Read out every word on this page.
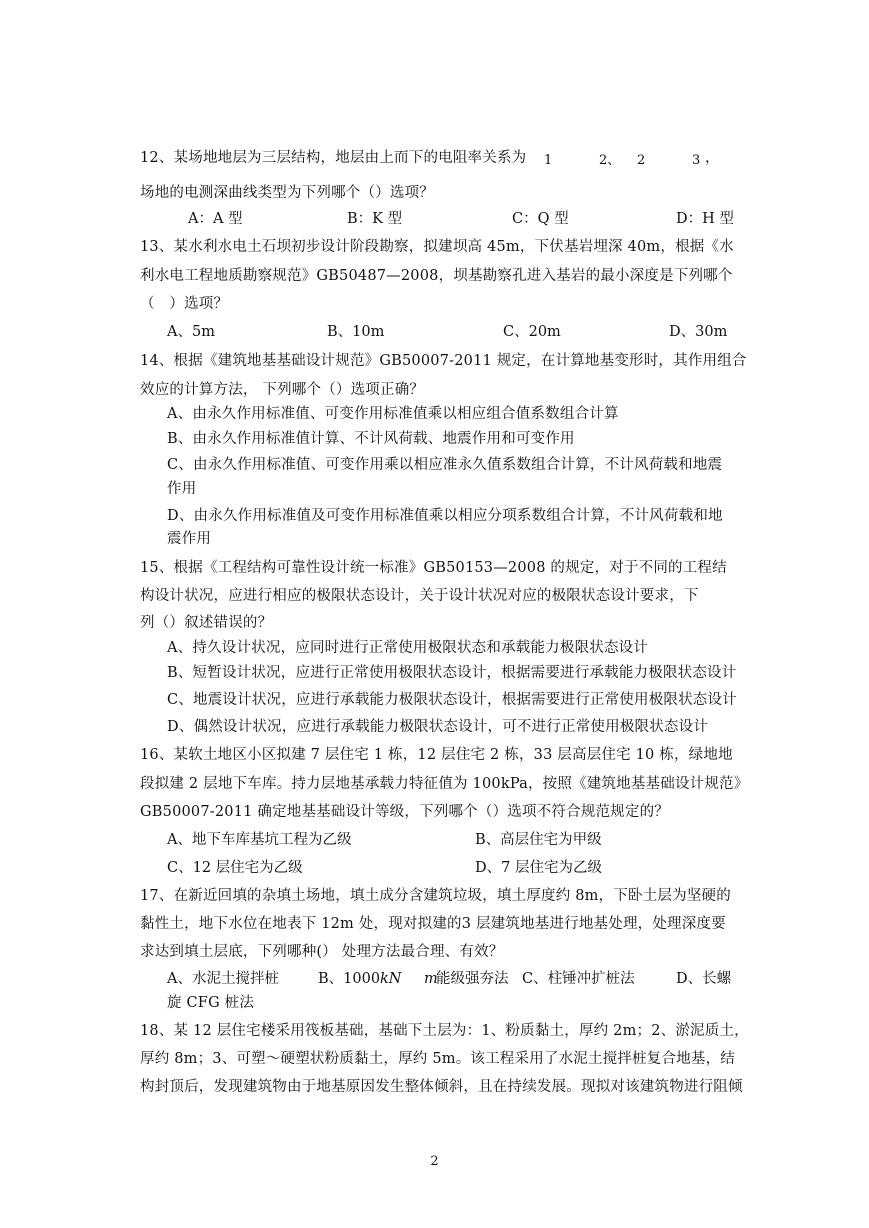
12、某场地地层为三层结构，地层由上而下的电阻率关系为 1	2、 2	3 ，
场地的电测深曲线类型为下列哪个（）选项？
A：A 型	B：K 型	C：Q 型	D：H 型
13、某水利水电土石坝初步设计阶段勘察，拟建坝高 45m，下伏基岩埋深 40m，根据《水
利水电工程地质勘察规范》GB50487—2008，坝基勘察孔进入基岩的最小深度是下列哪个
（　）选项？
A、5m	B、10m	C、20m	D、30m
14、根据《建筑地基基础设计规范》GB50007-2011 规定，在计算地基变形时，其作用组合
效应的计算方法， 下列哪个（）选项正确？
A、由永久作用标准值、可变作用标准值乘以相应组合值系数组合计算
B、由永久作用标准值计算、不计风荷载、地震作用和可变作用
C、由永久作用标准值、可变作用乘以相应准永久值系数组合计算，不计风荷载和地震
作用
D、由永久作用标准值及可变作用标准值乘以相应分项系数组合计算，不计风荷载和地
震作用
15、根据《工程结构可靠性设计统一标准》GB50153—2008 的规定，对于不同的工程结
构设计状况，应进行相应的极限状态设计，关于设计状况对应的极限状态设计要求，下
列（）叙述错误的？
A、持久设计状况，应同时进行正常使用极限状态和承载能力极限状态设计
B、短暂设计状况，应进行正常使用极限状态设计，根据需要进行承载能力极限状态设计
C、地震设计状况，应进行承载能力极限状态设计，根据需要进行正常使用极限状态设计
D、偶然设计状况，应进行承载能力极限状态设计，可不进行正常使用极限状态设计
16、某软土地区小区拟建 7 层住宅 1 栋，12 层住宅 2 栋，33 层高层住宅 10 栋，绿地地
段拟建 2 层地下车库。持力层地基承载力特征值为 100kPa，按照《建筑地基基础设计规范》
GB50007-2011 确定地基基础设计等级，下列哪个（）选项不符合规范规定的？
A、地下车库基坑工程为乙级	B、高层住宅为甲级
C、12 层住宅为乙级	D、7 层住宅为乙级
17、在新近回填的杂填土场地，填土成分含建筑垃圾，填土厚度约 8m，下卧土层为坚硬的
黏性土，地下水位在地表下 12m 处，现对拟建的3 层建筑地基进行地基处理，处理深度要
求达到填土层底，下列哪种(） 处理方法最合理、有效？
A、水泥土搅拌桩	B、1000 kN m
能级强夯法 C、柱锤冲扩桩法	D、长螺
旋 CFG 桩法
18、某 12 层住宅楼采用筏板基础，基础下土层为：1、粉质黏土，厚约 2m；2、淤泥质土，
厚约 8m；3、可塑～硬塑状粉质黏土，厚约 5m。该工程采用了水泥土搅拌桩复合地基，结
构封顶后，发现建筑物由于地基原因发生整体倾斜，且在持续发展。现拟对该建筑物进行阻倾
2
